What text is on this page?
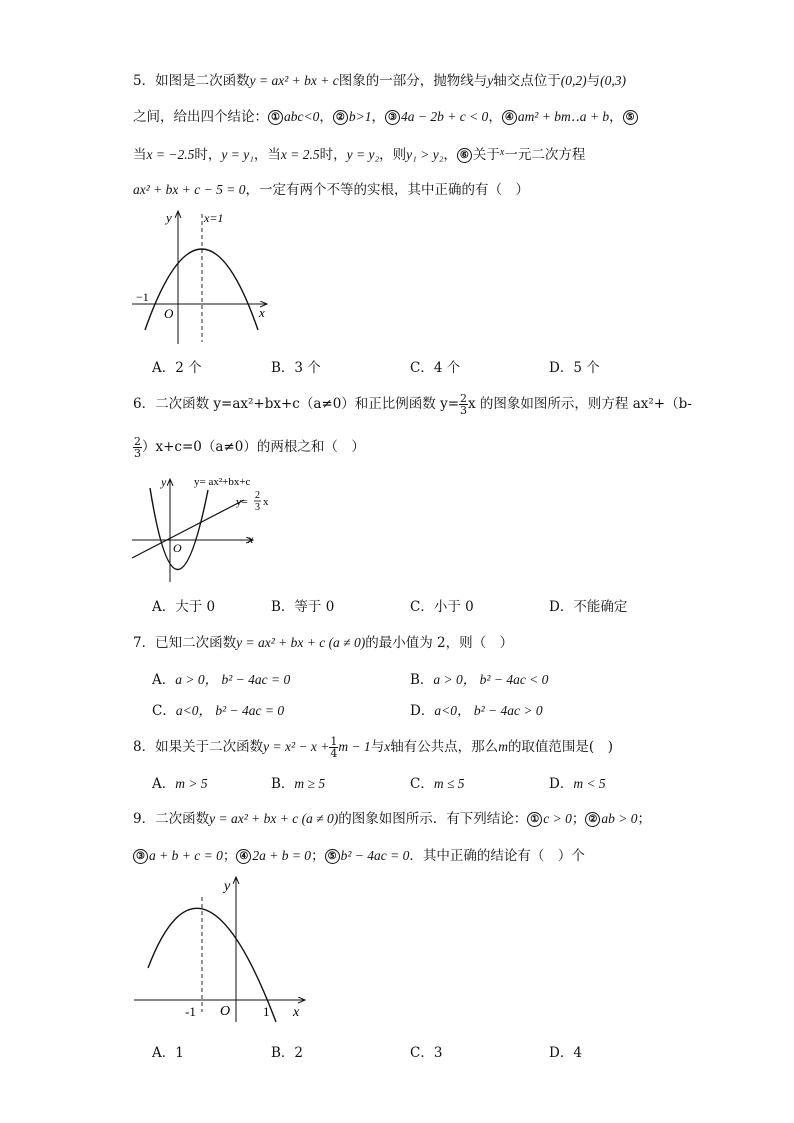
5．如图是二次函数y = ax² + bx + c图象的一部分，抛物线与y轴交点位于(0,2)与(0,3)
之间，给出四个结论： ① abc<0， ② b>1， ③ 4a − 2b + c < 0， ④ am² + bm‥a + b， ⑤
当x = −2.5时，y = y₁，当x = 2.5时，y = y₂，则y₁ > y₂， ⑥ 关于$^x$一元二次方程
ax² + bx + c − 5 = 0，一定有两个不等的实根，其中正确的有（　）
y
x
O
−1
x=1
A．2 个	B．3 个	C．4 个	D．5 个
6．二次函数 y=ax²+bx+c（a≠0）和正比例函数 $y= \frac{2}{3}$ x 的图象如图所示，则方程 ax²+（b-
$\frac{2}{3} )x+c=0(a\ne 0)$的两根之和（　）
y
x
O
y= ax²+bx+c
y=
2
3 x
A．大于 0	B．等于 0	C．小于 0	D．不能确定
7．已知二次函数y = ax² + bx + c (a ≠ 0)的最小值为 2，则（　）
A．a > 0， b² − 4ac = 0	B．a > 0， b² − 4ac < 0
C．a<0， b² − 4ac = 0	D．a<0， b² − 4ac > 0
8．如果关于二次函数$y = x^2 - x + \frac{1}{4}$ m − 1与x轴有公共点，那么m的取值范围是(　)
A．m > 5	B．m ≥ 5	C．m ≤ 5	D．m < 5
9．二次函数y = ax² + bx + c (a ≠ 0)的图象如图所示．有下列结论： ① c > 0； ② ab > 0；
③ a + b + c = 0； ④ 2a + b = 0； ⑤ b² − 4ac = 0．其中正确的结论有（　）个
y
x
O
-1	1
A．1	B．2	C．3	D．4
